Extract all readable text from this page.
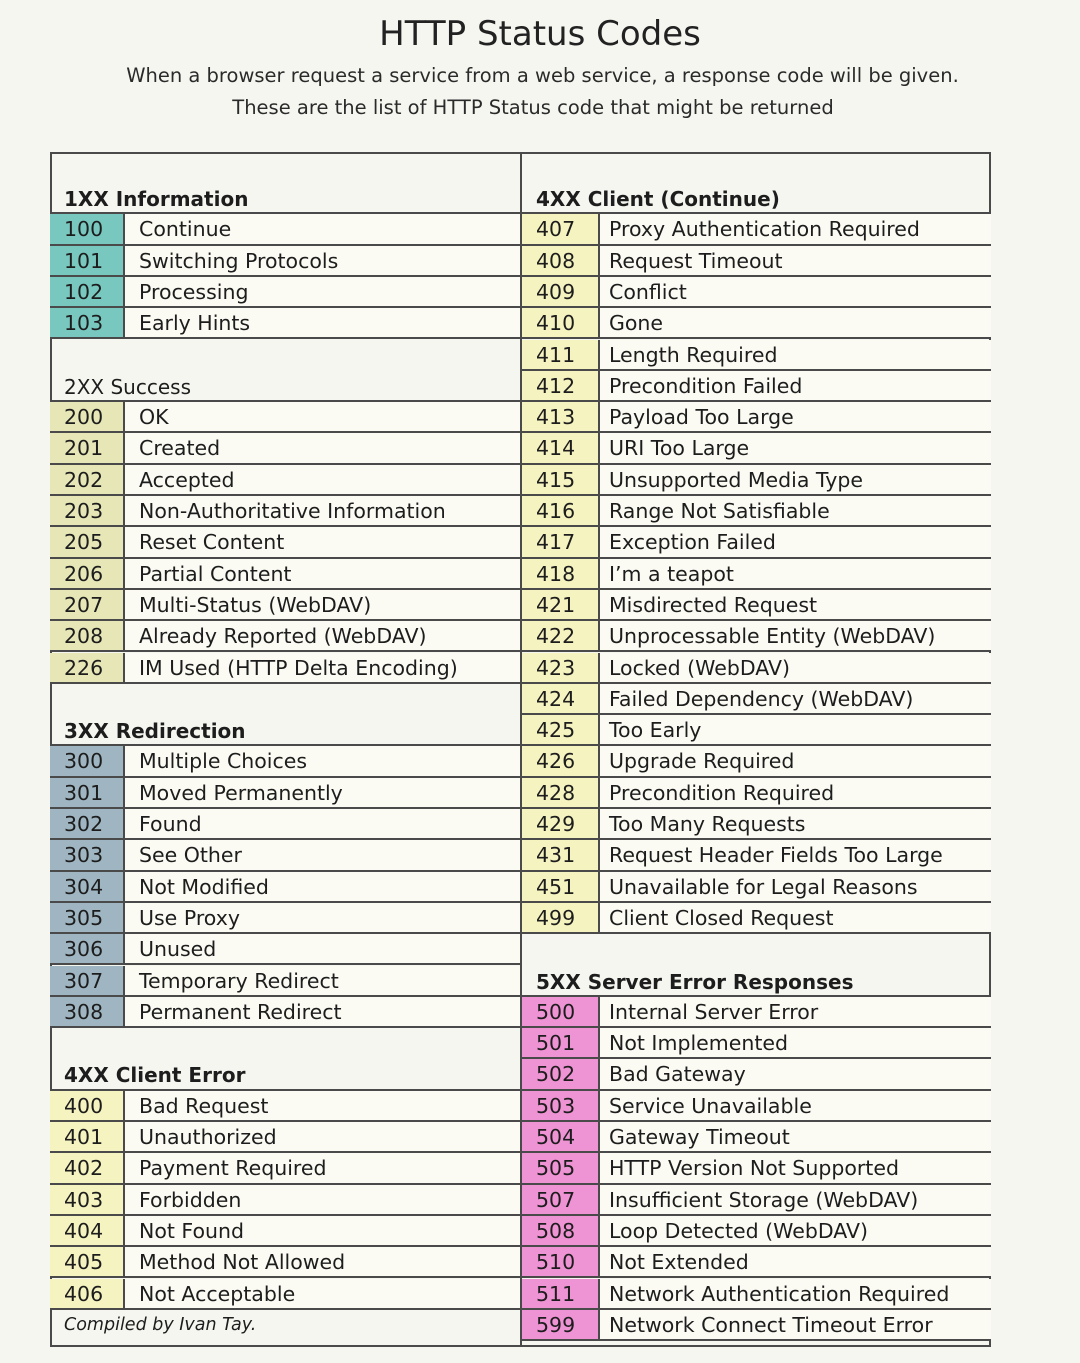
HTTP Status Codes
When a browser request a service from a web service, a response code will be given.
These are the list of HTTP Status code that might be returned
1XX Information
100	Continue
101	Switching Protocols
102	Processing
103	Early Hints
2XX Success
200	OK
201	Created
202	Accepted
203	Non-Authoritative Information
205	Reset Content
206	Partial Content
207	Multi-Status (WebDAV)
208	Already Reported (WebDAV)
226	IM Used (HTTP Delta Encoding)
3XX Redirection
300	Multiple Choices
301	Moved Permanently
302	Found
303	See Other
304	Not Modified
305	Use Proxy
306	Unused
307	Temporary Redirect
308	Permanent Redirect
4XX Client Error
400	Bad Request
401	Unauthorized
402	Payment Required
403	Forbidden
404	Not Found
405	Method Not Allowed
406	Not Acceptable
Compiled by Ivan Tay.
4XX Client (Continue)
407	Proxy Authentication Required
408	Request Timeout
409	Conflict
410	Gone
411	Length Required
412	Precondition Failed
413	Payload Too Large
414	URI Too Large
415	Unsupported Media Type
416	Range Not Satisfiable
417	Exception Failed
418	I’m a teapot
421	Misdirected Request
422	Unprocessable Entity (WebDAV)
423	Locked (WebDAV)
424	Failed Dependency (WebDAV)
425	Too Early
426	Upgrade Required
428	Precondition Required
429	Too Many Requests
431	Request Header Fields Too Large
451	Unavailable for Legal Reasons
499	Client Closed Request
5XX Server Error Responses
500	Internal Server Error
501	Not Implemented
502	Bad Gateway
503	Service Unavailable
504	Gateway Timeout
505	HTTP Version Not Supported
507	Insufficient Storage (WebDAV)
508	Loop Detected (WebDAV)
510	Not Extended
511	Network Authentication Required
599	Network Connect Timeout Error
